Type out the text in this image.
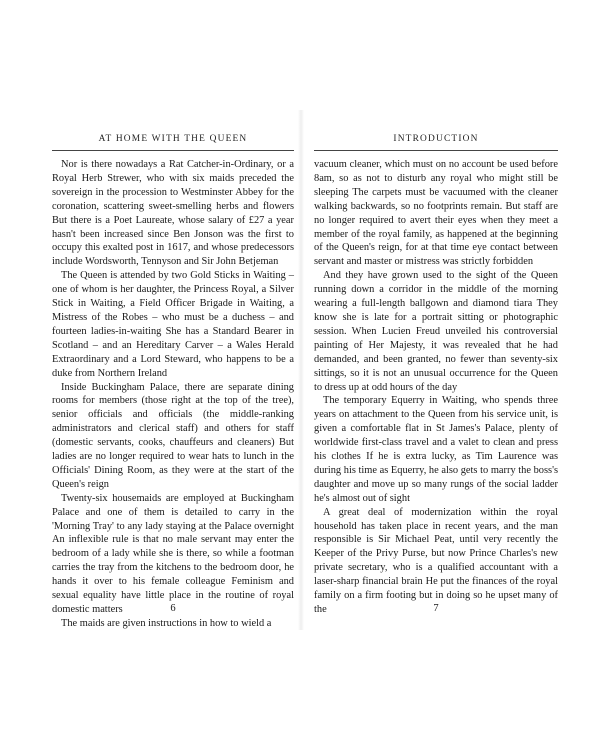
AT HOME WITH THE QUEEN

Nor is there nowadays a Rat Catcher-in-Ordinary, or a Royal Herb Strewer, who with six maids preceded the sovereign in the procession to Westminster Abbey for the coronation, scattering sweet-smelling herbs and flowers But there is a Poet Laureate, whose salary of £27 a year hasn't been increased since Ben Jonson was the first to occupy this exalted post in 1617, and whose predecessors include Wordsworth, Tennyson and Sir John Betjeman

The Queen is attended by two Gold Sticks in Waiting – one of whom is her daughter, the Princess Royal, a Silver Stick in Waiting, a Field Officer Brigade in Waiting, a Mistress of the Robes – who must be a duchess – and fourteen ladies-in-waiting She has a Standard Bearer in Scotland – and an Hereditary Carver – a Wales Herald Extraordinary and a Lord Steward, who happens to be a duke from Northern Ireland

Inside Buckingham Palace, there are separate dining rooms for members (those right at the top of the tree), senior officials and officials (the middle-ranking administrators and clerical staff) and others for staff (domestic servants, cooks, chauffeurs and cleaners) But ladies are no longer required to wear hats to lunch in the Officials' Dining Room, as they were at the start of the Queen's reign

Twenty-six housemaids are employed at Buckingham Palace and one of them is detailed to carry in the 'Morning Tray' to any lady staying at the Palace overnight An inflexible rule is that no male servant may enter the bedroom of a lady while she is there, so while a footman carries the tray from the kitchens to the bedroom door, he hands it over to his female colleague Feminism and sexual equality have little place in the routine of royal domestic matters

The maids are given instructions in how to wield a

6
INTRODUCTION

vacuum cleaner, which must on no account be used before 8am, so as not to disturb any royal who might still be sleeping The carpets must be vacuumed with the cleaner walking backwards, so no footprints remain. But staff are no longer required to avert their eyes when they meet a member of the royal family, as happened at the beginning of the Queen's reign, for at that time eye contact between servant and master or mistress was strictly forbidden

And they have grown used to the sight of the Queen running down a corridor in the middle of the morning wearing a full-length ballgown and diamond tiara They know she is late for a portrait sitting or photographic session. When Lucien Freud unveiled his controversial painting of Her Majesty, it was revealed that he had demanded, and been granted, no fewer than seventy-six sittings, so it is not an unusual occurrence for the Queen to dress up at odd hours of the day

The temporary Equerry in Waiting, who spends three years on attachment to the Queen from his service unit, is given a comfortable flat in St James's Palace, plenty of worldwide first-class travel and a valet to clean and press his clothes If he is extra lucky, as Tim Laurence was during his time as Equerry, he also gets to marry the boss's daughter and move up so many rungs of the social ladder he's almost out of sight

A great deal of modernization within the royal household has taken place in recent years, and the man responsible is Sir Michael Peat, until very recently the Keeper of the Privy Purse, but now Prince Charles's new private secretary, who is a qualified accountant with a laser-sharp financial brain He put the finances of the royal family on a firm footing but in doing so he upset many of the	7
